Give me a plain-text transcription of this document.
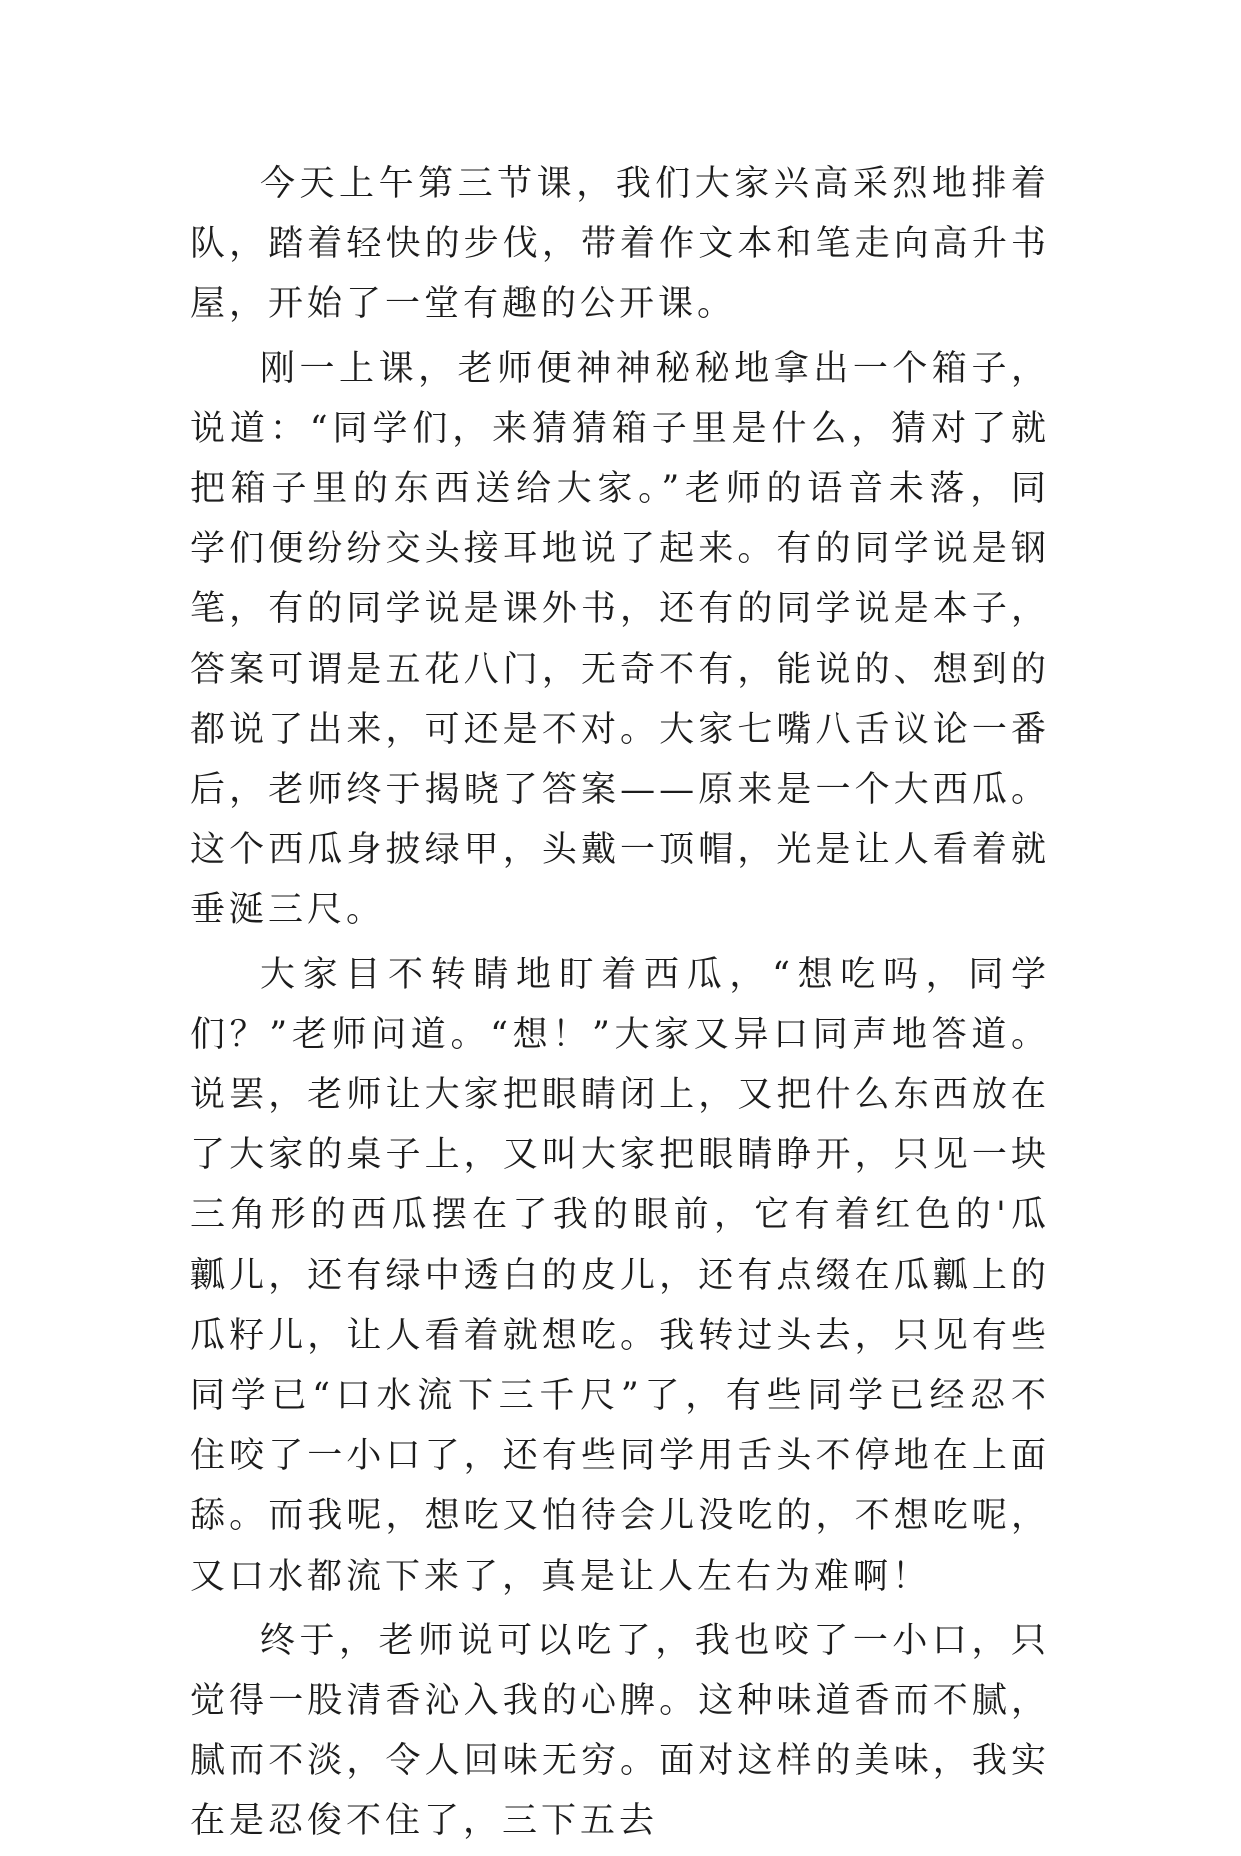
今天上午第三节课，我们大家兴高采烈地排着队，踏着轻快的步伐，带着作文本和笔走向高升书屋，开始了一堂有趣的公开课。

刚一上课，老师便神神秘秘地拿出一个箱子，说道：“同学们，来猜猜箱子里是什么，猜对了就把箱子里的东西送给大家。”老师的语音未落，同学们便纷纷交头接耳地说了起来。有的同学说是钢笔，有的同学说是课外书，还有的同学说是本子，答案可谓是五花八门，无奇不有，能说的、想到的都说了出来，可还是不对。大家七嘴八舌议论一番后，老师终于揭晓了答案——原来是一个大西瓜。这个西瓜身披绿甲，头戴一顶帽，光是让人看着就垂涎三尺。

大家目不转睛地盯着西瓜，“想吃吗，同学们？”老师问道。“想！”大家又异口同声地答道。说罢，老师让大家把眼睛闭上，又把什么东西放在了大家的桌子上，又叫大家把眼睛睁开，只见一块三角形的西瓜摆在了我的眼前，它有着红色的'瓜瓤儿，还有绿中透白的皮儿，还有点缀在瓜瓤上的瓜籽儿，让人看着就想吃。我转过头去，只见有些同学已“口水流下三千尺”了，有些同学已经忍不住咬了一小口了，还有些同学用舌头不停地在上面舔。而我呢，想吃又怕待会儿没吃的，不想吃呢，又口水都流下来了，真是让人左右为难啊！

终于，老师说可以吃了，我也咬了一小口，只觉得一股清香沁入我的心脾。这种味道香而不腻，腻而不淡，令人回味无穷。面对这样的美味，我实在是忍俊不住了，三下五去
